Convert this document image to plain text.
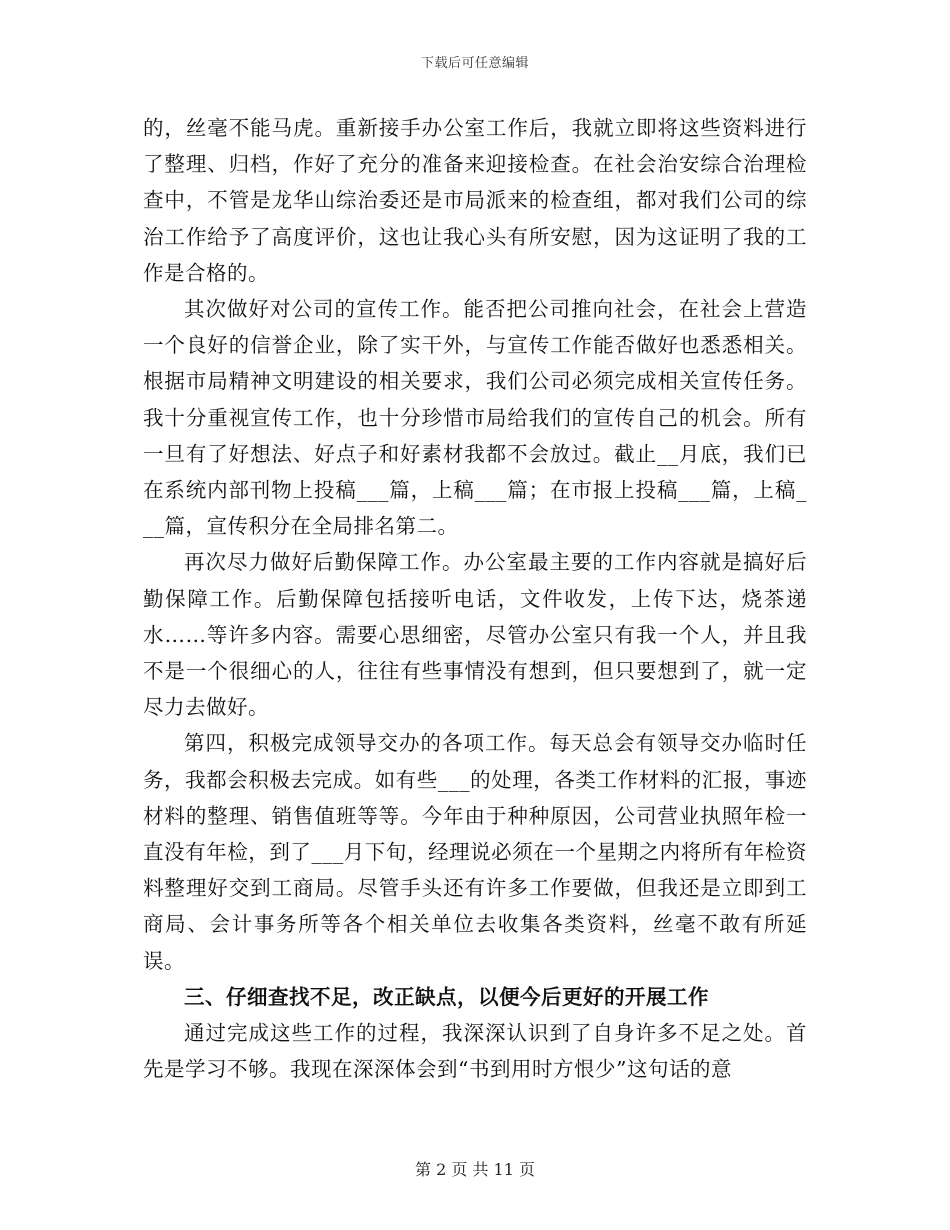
下载后可任意编辑

的，丝毫不能马虎。重新接手办公室工作后，我就立即将这些资料进行了整理、归档，作好了充分的准备来迎接检查。在社会治安综合治理检查中，不管是龙华山综治委还是市局派来的检查组，都对我们公司的综治工作给予了高度评价，这也让我心头有所安慰，因为这证明了我的工作是合格的。

其次做好对公司的宣传工作。能否把公司推向社会，在社会上营造一个良好的信誉企业，除了实干外，与宣传工作能否做好也悉悉相关。根据市局精神文明建设的相关要求，我们公司必须完成相关宣传任务。我十分重视宣传工作，也十分珍惜市局给我们的宣传自己的机会。所有一旦有了好想法、好点子和好素材我都不会放过。截止__月底，我们已在系统内部刊物上投稿___篇，上稿___篇；在市报上投稿___篇，上稿___篇，宣传积分在全局排名第二。

再次尽力做好后勤保障工作。办公室最主要的工作内容就是搞好后勤保障工作。后勤保障包括接听电话，文件收发，上传下达，烧茶递水……等许多内容。需要心思细密，尽管办公室只有我一个人，并且我不是一个很细心的人，往往有些事情没有想到，但只要想到了，就一定尽力去做好。

第四，积极完成领导交办的各项工作。每天总会有领导交办临时任务，我都会积极去完成。如有些___的处理，各类工作材料的汇报，事迹材料的整理、销售值班等等。今年由于种种原因，公司营业执照年检一直没有年检，到了___月下旬，经理说必须在一个星期之内将所有年检资料整理好交到工商局。尽管手头还有许多工作要做，但我还是立即到工商局、会计事务所等各个相关单位去收集各类资料，丝毫不敢有所延误。

三、仔细查找不足，改正缺点，以便今后更好的开展工作

通过完成这些工作的过程，我深深认识到了自身许多不足之处。首先是学习不够。我现在深深体会到“书到用时方恨少”这句话的意

第 2 页 共 11 页
